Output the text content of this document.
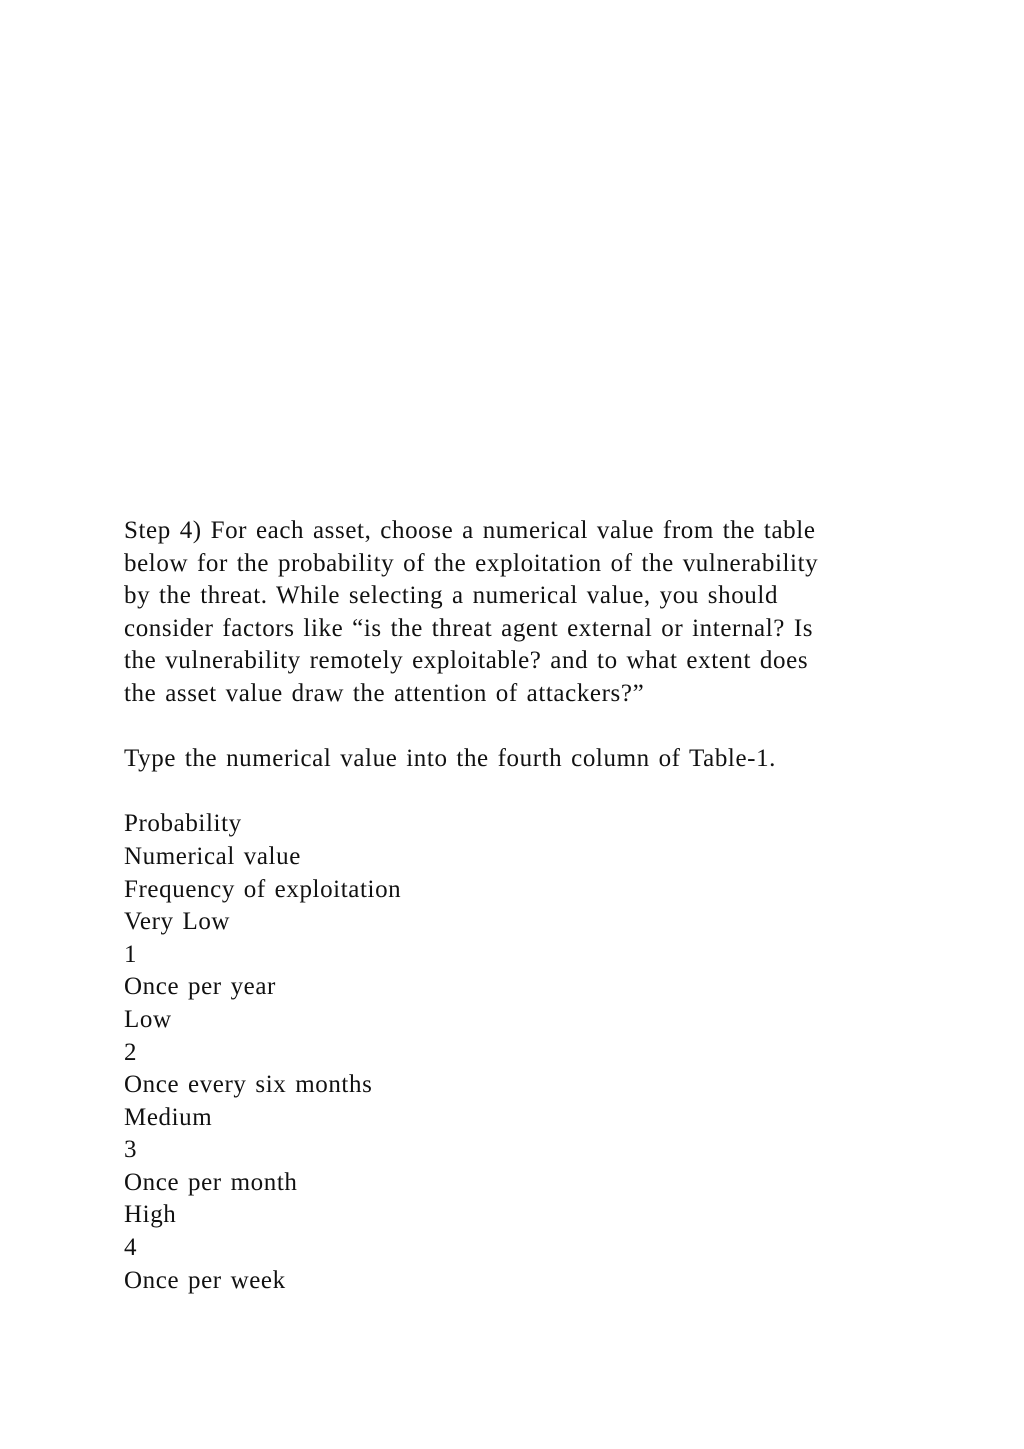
Step 4) For each asset, choose a numerical value from the table
below for the probability of the exploitation of the vulnerability
by the threat. While selecting a numerical value, you should
consider factors like “is the threat agent external or internal? Is
the vulnerability remotely exploitable? and to what extent does
the asset value draw the attention of attackers?”
Type the numerical value into the fourth column of Table-1.
Probability
Numerical value
Frequency of exploitation
Very Low
1
Once per year
Low
2
Once every six months
Medium
3
Once per month
High
4
Once per week
